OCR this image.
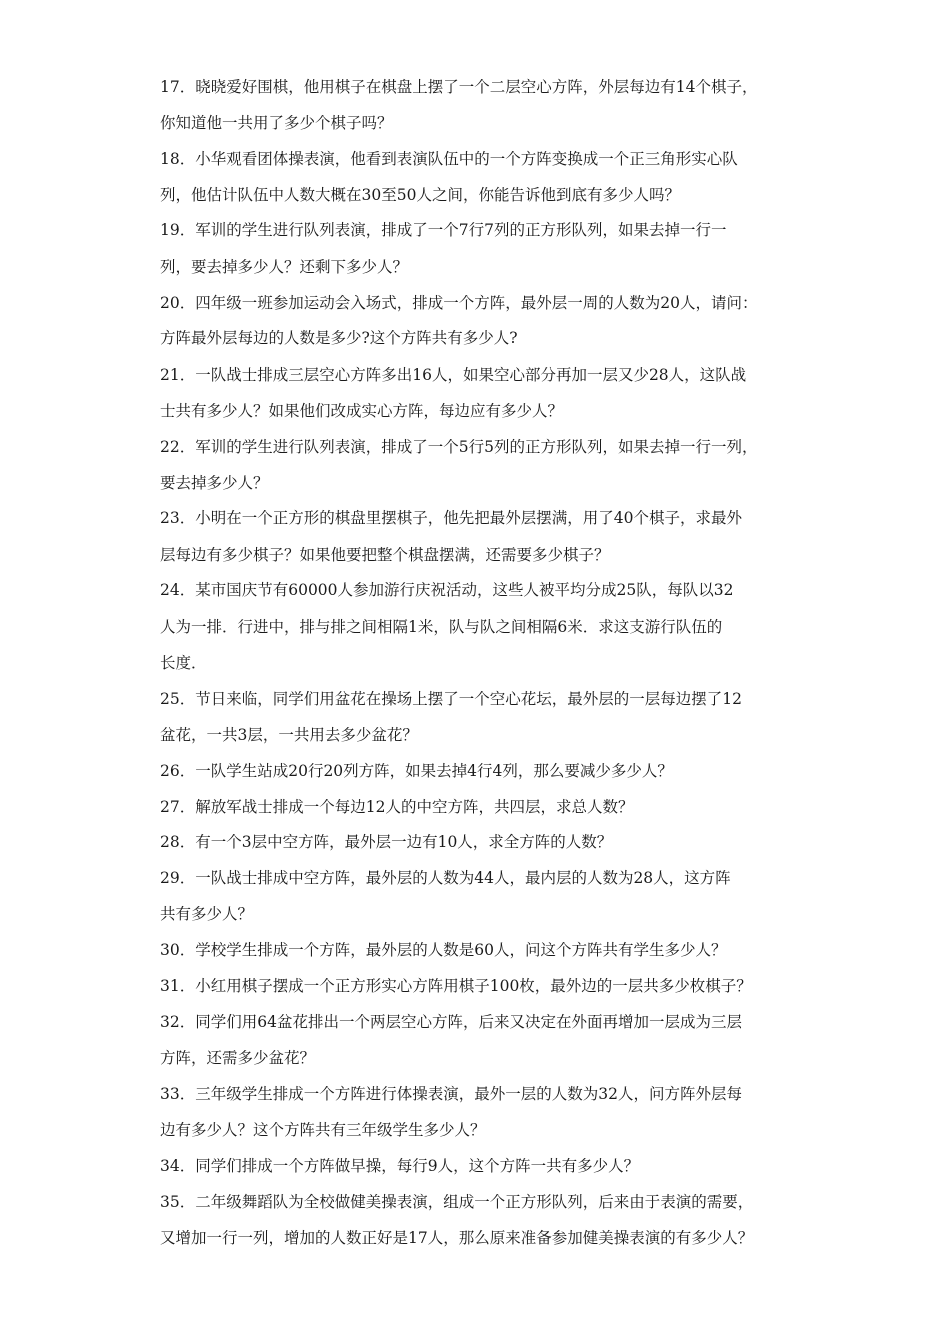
17．晓晓爱好围棋，他用棋子在棋盘上摆了一个二层空心方阵，外层每边有14个棋子，
你知道他一共用了多少个棋子吗？
18．小华观看团体操表演，他看到表演队伍中的一个方阵变换成一个正三角形实心队
列，他估计队伍中人数大概在30至50人之间，你能告诉他到底有多少人吗？
19．军训的学生进行队列表演，排成了一个7行7列的正方形队列，如果去掉一行一
列，要去掉多少人？还剩下多少人？
20．四年级一班参加运动会入场式，排成一个方阵，最外层一周的人数为20人，请问：
方阵最外层每边的人数是多少?这个方阵共有多少人?
21．一队战士排成三层空心方阵多出16人，如果空心部分再加一层又少28人，这队战
士共有多少人？如果他们改成实心方阵，每边应有多少人？
22．军训的学生进行队列表演，排成了一个5行5列的正方形队列，如果去掉一行一列，
要去掉多少人？
23．小明在一个正方形的棋盘里摆棋子，他先把最外层摆满，用了40个棋子，求最外
层每边有多少棋子？如果他要把整个棋盘摆满，还需要多少棋子？
24．某市国庆节有60000人参加游行庆祝活动，这些人被平均分成25队，每队以32
人为一排．行进中，排与排之间相隔1米，队与队之间相隔6米．求这支游行队伍的
长度．
25．节日来临，同学们用盆花在操场上摆了一个空心花坛，最外层的一层每边摆了12
盆花，一共3层，一共用去多少盆花？
26．一队学生站成20行20列方阵，如果去掉4行4列，那么要减少多少人？
27．解放军战士排成一个每边12人的中空方阵，共四层，求总人数？
28．有一个3层中空方阵，最外层一边有10人，求全方阵的人数？
29．一队战士排成中空方阵，最外层的人数为44人，最内层的人数为28人，这方阵
共有多少人？
30．学校学生排成一个方阵，最外层的人数是60人，问这个方阵共有学生多少人？
31．小红用棋子摆成一个正方形实心方阵用棋子100枚，最外边的一层共多少枚棋子？
32．同学们用64盆花排出一个两层空心方阵，后来又决定在外面再增加一层成为三层
方阵，还需多少盆花？
33．三年级学生排成一个方阵进行体操表演，最外一层的人数为32人，问方阵外层每
边有多少人？这个方阵共有三年级学生多少人？
34．同学们排成一个方阵做早操，每行9人，这个方阵一共有多少人？
35．二年级舞蹈队为全校做健美操表演，组成一个正方形队列，后来由于表演的需要，
又增加一行一列，增加的人数正好是17人，那么原来准备参加健美操表演的有多少人？
